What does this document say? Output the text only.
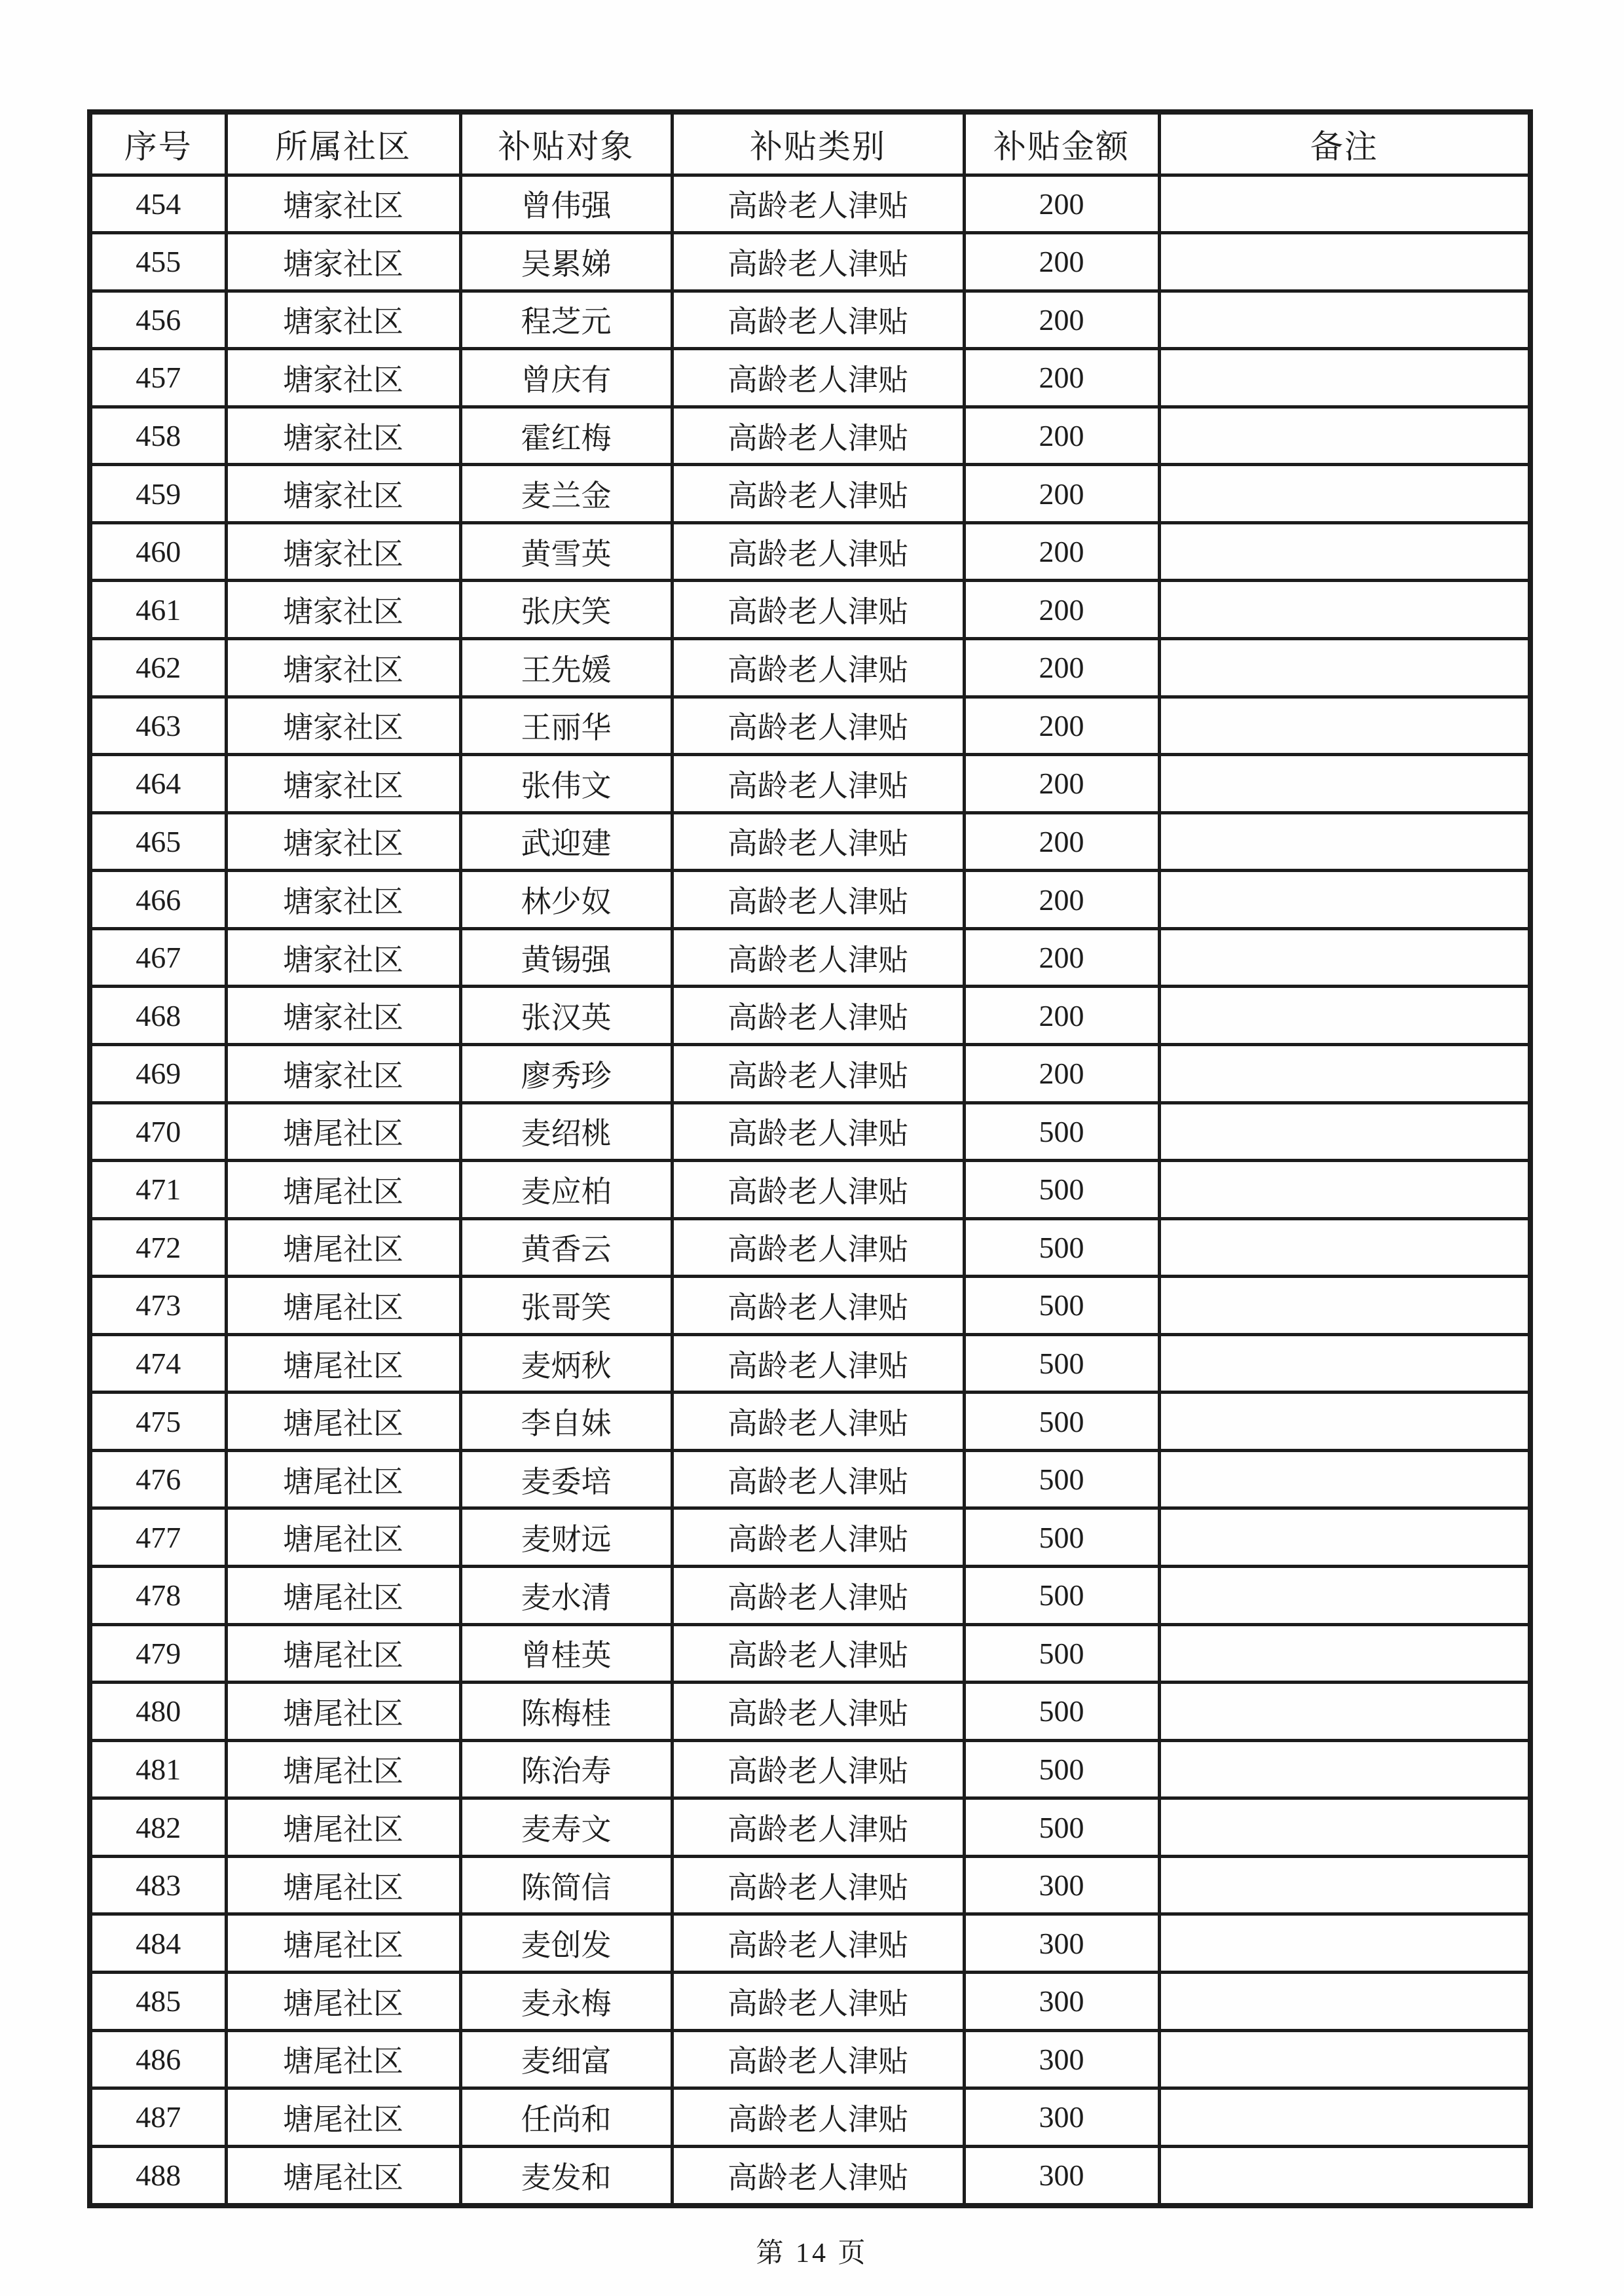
序号	所属社区	补贴对象	补贴类别	补贴金额	备注
454	塘家社区	曾伟强	高龄老人津贴	200	
455	塘家社区	吴累娣	高龄老人津贴	200	
456	塘家社区	程芝元	高龄老人津贴	200	
457	塘家社区	曾庆有	高龄老人津贴	200	
458	塘家社区	霍红梅	高龄老人津贴	200	
459	塘家社区	麦兰金	高龄老人津贴	200	
460	塘家社区	黄雪英	高龄老人津贴	200	
461	塘家社区	张庆笑	高龄老人津贴	200	
462	塘家社区	王先媛	高龄老人津贴	200	
463	塘家社区	王丽华	高龄老人津贴	200	
464	塘家社区	张伟文	高龄老人津贴	200	
465	塘家社区	武迎建	高龄老人津贴	200	
466	塘家社区	林少奴	高龄老人津贴	200	
467	塘家社区	黄锡强	高龄老人津贴	200	
468	塘家社区	张汉英	高龄老人津贴	200	
469	塘家社区	廖秀珍	高龄老人津贴	200	
470	塘尾社区	麦绍桃	高龄老人津贴	500	
471	塘尾社区	麦应柏	高龄老人津贴	500	
472	塘尾社区	黄香云	高龄老人津贴	500	
473	塘尾社区	张哥笑	高龄老人津贴	500	
474	塘尾社区	麦炳秋	高龄老人津贴	500	
475	塘尾社区	李自妹	高龄老人津贴	500	
476	塘尾社区	麦委培	高龄老人津贴	500	
477	塘尾社区	麦财远	高龄老人津贴	500	
478	塘尾社区	麦水清	高龄老人津贴	500	
479	塘尾社区	曾桂英	高龄老人津贴	500	
480	塘尾社区	陈梅桂	高龄老人津贴	500	
481	塘尾社区	陈治寿	高龄老人津贴	500	
482	塘尾社区	麦寿文	高龄老人津贴	500	
483	塘尾社区	陈简信	高龄老人津贴	300	
484	塘尾社区	麦创发	高龄老人津贴	300	
485	塘尾社区	麦永梅	高龄老人津贴	300	
486	塘尾社区	麦细富	高龄老人津贴	300	
487	塘尾社区	任尚和	高龄老人津贴	300	
488	塘尾社区	麦发和	高龄老人津贴	300	
第 14 页
